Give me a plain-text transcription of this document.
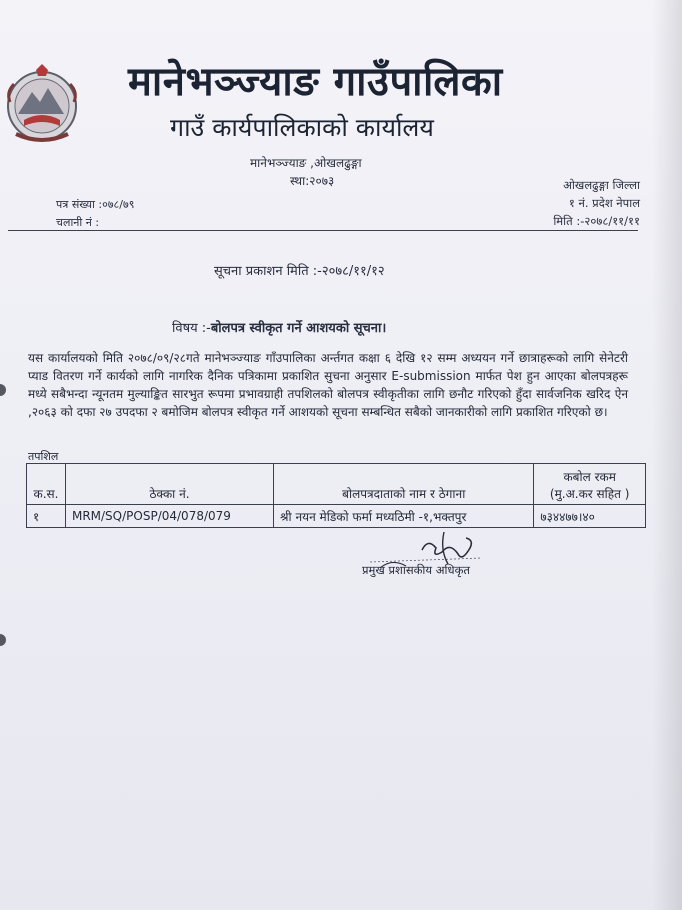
मानेभञ्ज्याङ गाउँपालिका
गाउँ कार्यपालिकाको कार्यालय
मानेभञ्ज्याङ ,ओखलढुङ्गा
स्था:२०७३
पत्र संख्या :०७८/७९
चलानी नं :
ओखलढुङ्गा जिल्ला
१ नं. प्रदेश नेपाल
मिति :-२०७८/११/११
सूचना प्रकाशन मिति :-२०७८/११/१२
विषय :-बोलपत्र स्वीकृत गर्ने आशयको सूचना।
यस कार्यालयको मिति २०७८/०९/२८गते मानेभञ्ज्याङ गाँउपालिका अर्न्तगत कक्षा ६ देखि १२ सम्म अध्ययन गर्ने छात्राहरूको लागि सेनेटरी प्याड वितरण गर्ने कार्यको लागि नागरिक दैनिक पत्रिकामा प्रकाशित सुचना अनुसार E-submission मार्फत पेश हुन आएका बोलपत्रहरू मध्ये सबैभन्दा न्यूनतम मुल्याङ्कित सारभुत रूपमा प्रभावग्राही तपशिलको बोलपत्र स्वीकृतीका लागि छनौट गरिएको हुँदा सार्वजनिक खरिद ऐन ,२०६३ को दफा २७ उपदफा २ बमोजिम बोलपत्र स्वीकृत गर्ने आशयको सूचना सम्बन्धित सबैको जानकारीको लागि प्रकाशित गरिएको छ।
तपशिल
क.स.	ठेक्का नं.	बोलपत्रदाताको नाम र ठेगाना	कबोल रकम (मु.अ.कर सहित )
१	MRM/SQ/POSP/04/078/079	श्री नयन मेडिको फर्मा मध्यठिमी -१,भक्तपुर	७३४४७७।४०
प्रमुख प्रशासकीय अधिकृत
